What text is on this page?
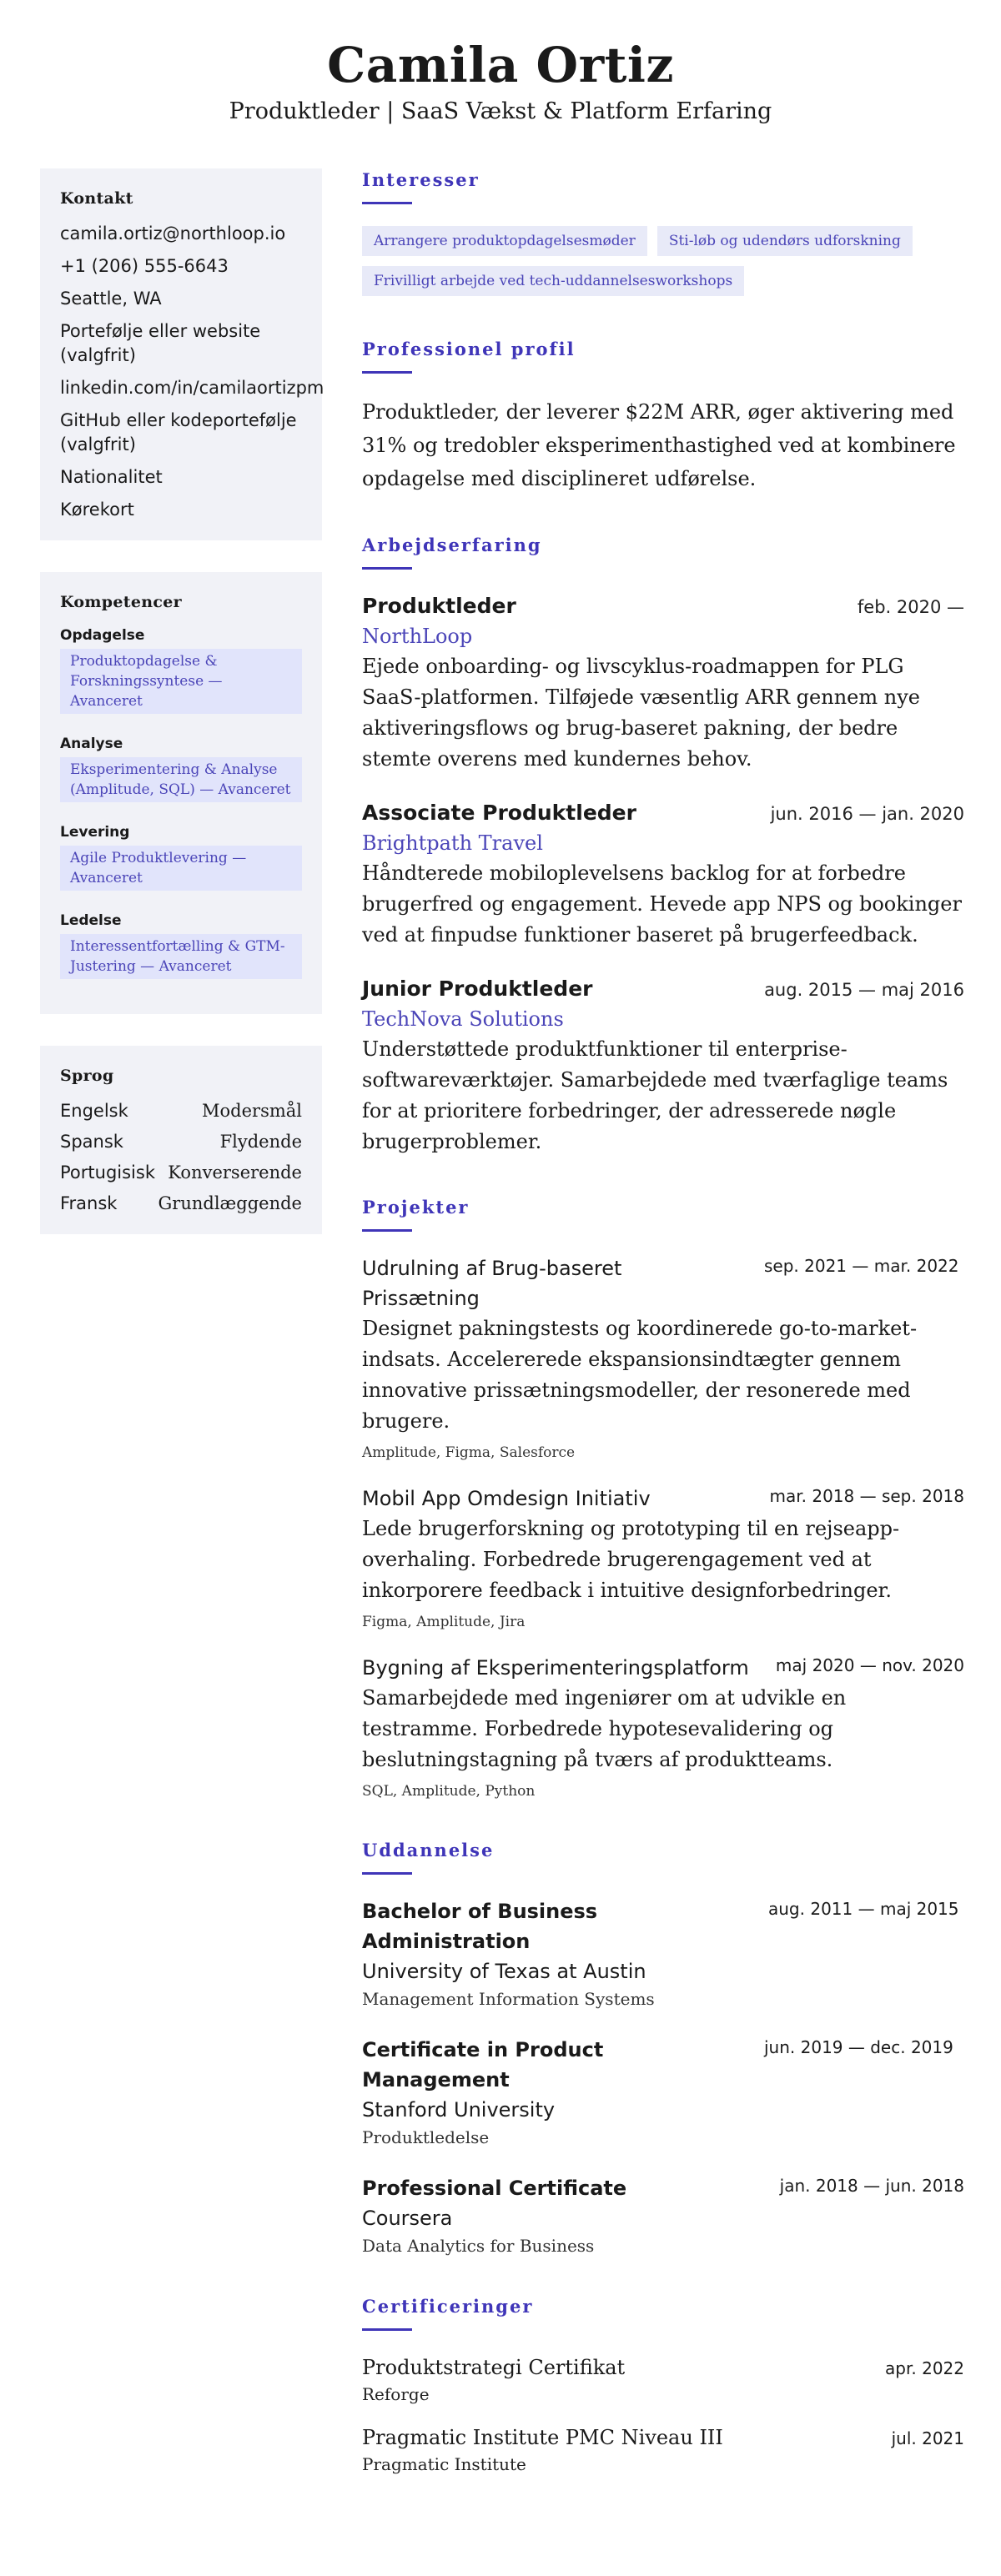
Camila Ortiz
Produktleder | SaaS Vækst & Platform Erfaring
Kontakt
camila.ortiz@northloop.io
+1 (206) 555-6643
Seattle, WA
Portefølje eller website (valgfrit)
linkedin.com/in/camilaortizpm
GitHub eller kodeportefølje (valgfrit)
Nationalitet
Kørekort
Kompetencer
Opdagelse
Produktopdagelse & Forskningssyntese — Avanceret
Analyse
Eksperimentering & Analyse (Amplitude, SQL) — Avanceret
Levering
Agile Produktlevering — Avanceret
Ledelse
Interessentfortælling & GTM-Justering — Avanceret
Sprog
Engelsk	Modersmål
Spansk	Flydende
Portugisisk Konverserende
Fransk Grundlæggende
Interesser
Arrangere produktopdagelsesmøder	Sti-løb og udendørs udforskning
Frivilligt arbejde ved tech-uddannelsesworkshops
Professionel profil

Produktleder, der leverer $22M ARR, øger aktivering med 31% og tredobler eksperimenthastighed ved at kombinere opdagelse med disciplineret udførelse.

Arbejdserfaring
Produktleder	feb. 2020 —
NorthLoop

Ejede onboarding- og livscyklus-roadmappen for PLG SaaS-platformen. Tilføjede væsentlig ARR gennem nye aktiveringsflows og brug-baseret pakning, der bedre stemte overens med kundernes behov.

Associate Produktleder	jun. 2016 — jan. 2020
Brightpath Travel

Håndterede mobiloplevelsens backlog for at forbedre brugerfred og engagement. Hevede app NPS og bookinger ved at finpudse funktioner baseret på brugerfeedback.

Junior Produktleder	aug. 2015 — maj 2016
TechNova Solutions

Understøttede produktfunktioner til enterprise-softwareværktøjer. Samarbejdede med tværfaglige teams for at prioritere forbedringer, der adresserede nøgle brugerproblemer.

Projekter
Udrulning af Brug-baseret Prissætning
sep. 2021 — mar. 2022

Designet pakningstests og koordinerede go-to-market-indsats. Accelererede ekspansionsindtægter gennem innovative prissætningsmodeller, der resonerede med brugere.

Amplitude, Figma, Salesforce
Mobil App Omdesign Initiativ	mar. 2018 — sep. 2018

Lede brugerforskning og prototyping til en rejseapp-overhaling. Forbedrede brugerengagement ved at inkorporere feedback i intuitive designforbedringer.

Figma, Amplitude, Jira
Bygning af Eksperimenteringsplatform	maj 2020 — nov. 2020

Samarbejdede med ingeniører om at udvikle en testramme. Forbedrede hypotesevalidering og beslutningstagning på tværs af produktteams.

SQL, Amplitude, Python
Uddannelse
Bachelor of Business Administration
aug. 2011 — maj 2015
University of Texas at Austin
Management Information Systems
Certificate in Product Management
jun. 2019 — dec. 2019
Stanford University
Produktledelse
Professional Certificate	jan. 2018 — jun. 2018
Coursera
Data Analytics for Business
Certificeringer
Produktstrategi Certifikat	apr. 2022
Reforge
Pragmatic Institute PMC Niveau III	jul. 2021
Pragmatic Institute
